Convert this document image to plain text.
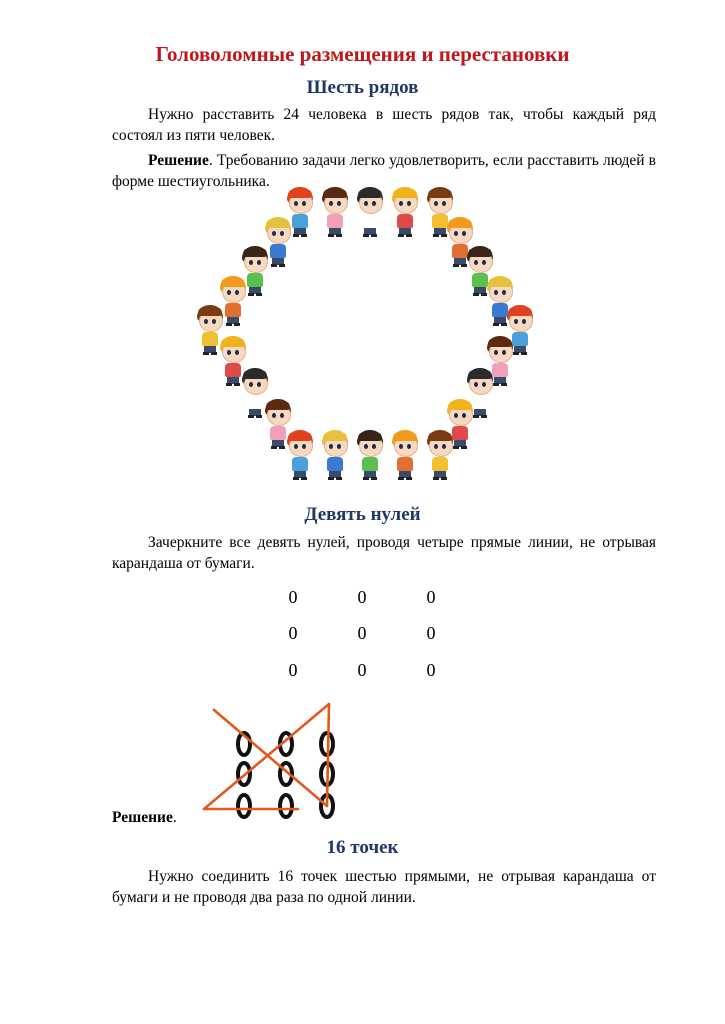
Головоломные размещения и перестановки
Шесть рядов

Нужно расставить 24 человека в шесть рядов так, чтобы каждый ряд состоял из пяти человек.

Решение. Требованию задачи легко удовлетворить, если расставить людей в форме шестиугольника.

Девять нулей

Зачеркните все девять нулей, проводя четыре прямые линии, не отрывая карандаша от бумаги.

0	0	0
0	0	0
0	0	0
Решение.
16 точек

Нужно соединить 16 точек шестью прямыми, не отрывая карандаша от бумаги и не проводя два раза по одной линии.
